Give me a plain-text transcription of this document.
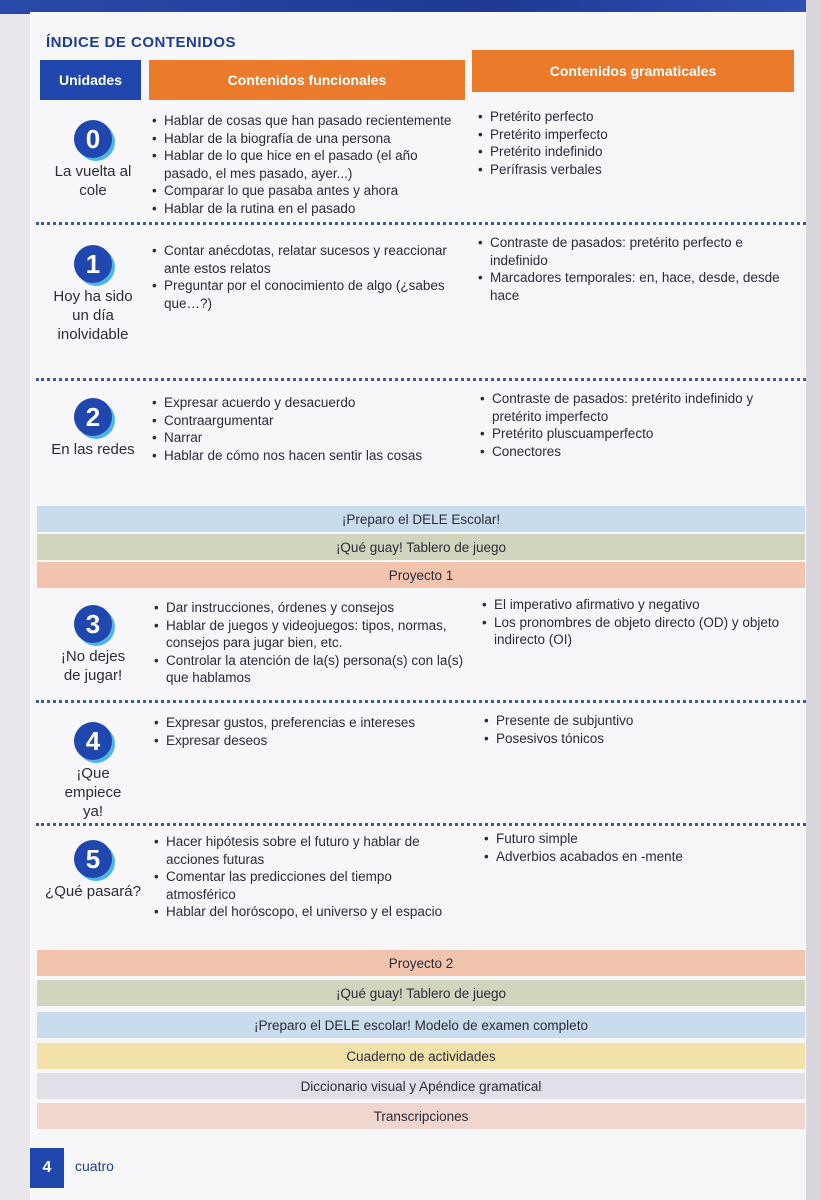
ÍNDICE DE CONTENIDOS
Unidades	Contenidos funcionales
Contenidos gramaticales
0
La vuelta al cole
• Hablar de cosas que han pasado recientemente
• Hablar de la biografía de una persona
• Hablar de lo que hice en el pasado (el año pasado, el mes pasado, ayer...)
• Comparar lo que pasaba antes y ahora
• Hablar de la rutina en el pasado
• Pretérito perfecto
• Pretérito imperfecto
• Pretérito indefinido
• Perífrasis verbales
1
Hoy ha sido un día inolvidable
• Contar anécdotas, relatar sucesos y reaccionar ante estos relatos
• Preguntar por el conocimiento de algo (¿sabes que…?)
• Contraste de pasados: pretérito perfecto e indefinido
• Marcadores temporales: en, hace, desde, desde hace
2
En las redes
• Expresar acuerdo y desacuerdo
• Contraargumentar
• Narrar
• Hablar de cómo nos hacen sentir las cosas
• Contraste de pasados: pretérito indefinido y pretérito imperfecto
• Pretérito pluscuamperfecto
• Conectores
¡Preparo el DELE Escolar!
¡Qué guay! Tablero de juego
Proyecto 1
3
¡No dejes de jugar!
• Dar instrucciones, órdenes y consejos
• Hablar de juegos y videojuegos: tipos, normas, consejos para jugar bien, etc.
• Controlar la atención de la(s) persona(s) con la(s) que hablamos
• El imperativo afirmativo y negativo
• Los pronombres de objeto directo (OD) y objeto indirecto (OI)
4
¡Que empiece ya!
• Expresar gustos, preferencias e intereses
• Expresar deseos
• Presente de subjuntivo
• Posesivos tónicos
5
¿Qué pasará?
• Hacer hipótesis sobre el futuro y hablar de acciones futuras
• Comentar las predicciones del tiempo atmosférico
• Hablar del horóscopo, el universo y el espacio
• Futuro simple
• Adverbios acabados en -mente
Proyecto 2
¡Qué guay! Tablero de juego
¡Preparo el DELE escolar! Modelo de examen completo
Cuaderno de actividades
Diccionario visual y Apéndice gramatical
Transcripciones
4	cuatro
